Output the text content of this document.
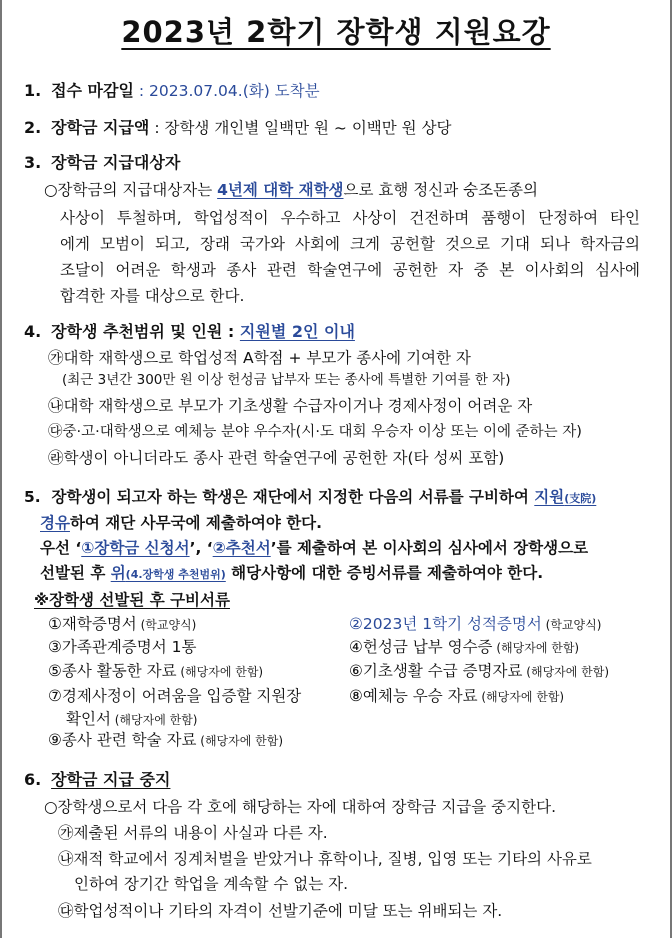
2023년 2학기 장학생 지원요강
1. 접수 마감일 : 2023.07.04.(화) 도착분
2. 장학금 지급액 : 장학생 개인별 일백만 원 ~ 이백만 원 상당
3. 장학금 지급대상자
○장학금의 지급대상자는 4년제 대학 재학생으로 효행 정신과 숭조돈종의
사상이 투철하며, 학업성적이 우수하고 사상이 건전하며 품행이 단정하여 타인
에게 모범이 되고, 장래 국가와 사회에 크게 공헌할 것으로 기대 되나 학자금의
조달이 어려운 학생과 종사 관련 학술연구에 공헌한 자 중 본 이사회의 심사에
합격한 자를 대상으로 한다.
4. 장학생 추천범위 및 인원 : 지원별 2인 이내
㉮대학 재학생으로 학업성적 A학점 + 부모가 종사에 기여한 자
(최근 3년간 300만 원 이상 헌성금 납부자 또는 종사에 특별한 기여를 한 자)
㉯대학 재학생으로 부모가 기초생활 수급자이거나 경제사정이 어려운 자
㉰중·고·대학생으로 예체능 분야 우수자(시·도 대회 우승자 이상 또는 이에 준하는 자)
㉱학생이 아니더라도 종사 관련 학술연구에 공헌한 자(타 성씨 포함)
5. 장학생이 되고자 하는 학생은 재단에서 지정한 다음의 서류를 구비하여 지원(支院)
경유하여 재단 사무국에 제출하여야 한다.
우선 ‘①장학금 신청서’, ‘②추천서’를 제출하여 본 이사회의 심사에서 장학생으로
선발된 후 위(4.장학생 추천범위) 해당사항에 대한 증빙서류를 제출하여야 한다.
※장학생 선발된 후 구비서류
①재학증명서 (학교양식)	②2023년 1학기 성적증명서 (학교양식)
③가족관계증명서 1통	④헌성금 납부 영수증 (해당자에 한함)
⑤종사 활동한 자료 (해당자에 한함)	⑥기초생활 수급 증명자료 (해당자에 한함)
⑦경제사정이 어려움을 입증할 지원장	⑧예체능 우승 자료 (해당자에 한함)
확인서 (해당자에 한함)
⑨종사 관련 학술 자료 (해당자에 한함)
6. 장학금 지급 중지
○장학생으로서 다음 각 호에 해당하는 자에 대하여 장학금 지급을 중지한다.
㉮제출된 서류의 내용이 사실과 다른 자.
㉯재적 학교에서 징계처벌을 받았거나 휴학이나, 질병, 입영 또는 기타의 사유로
인하여 장기간 학업을 계속할 수 없는 자.
㉰학업성적이나 기타의 자격이 선발기준에 미달 또는 위배되는 자.
